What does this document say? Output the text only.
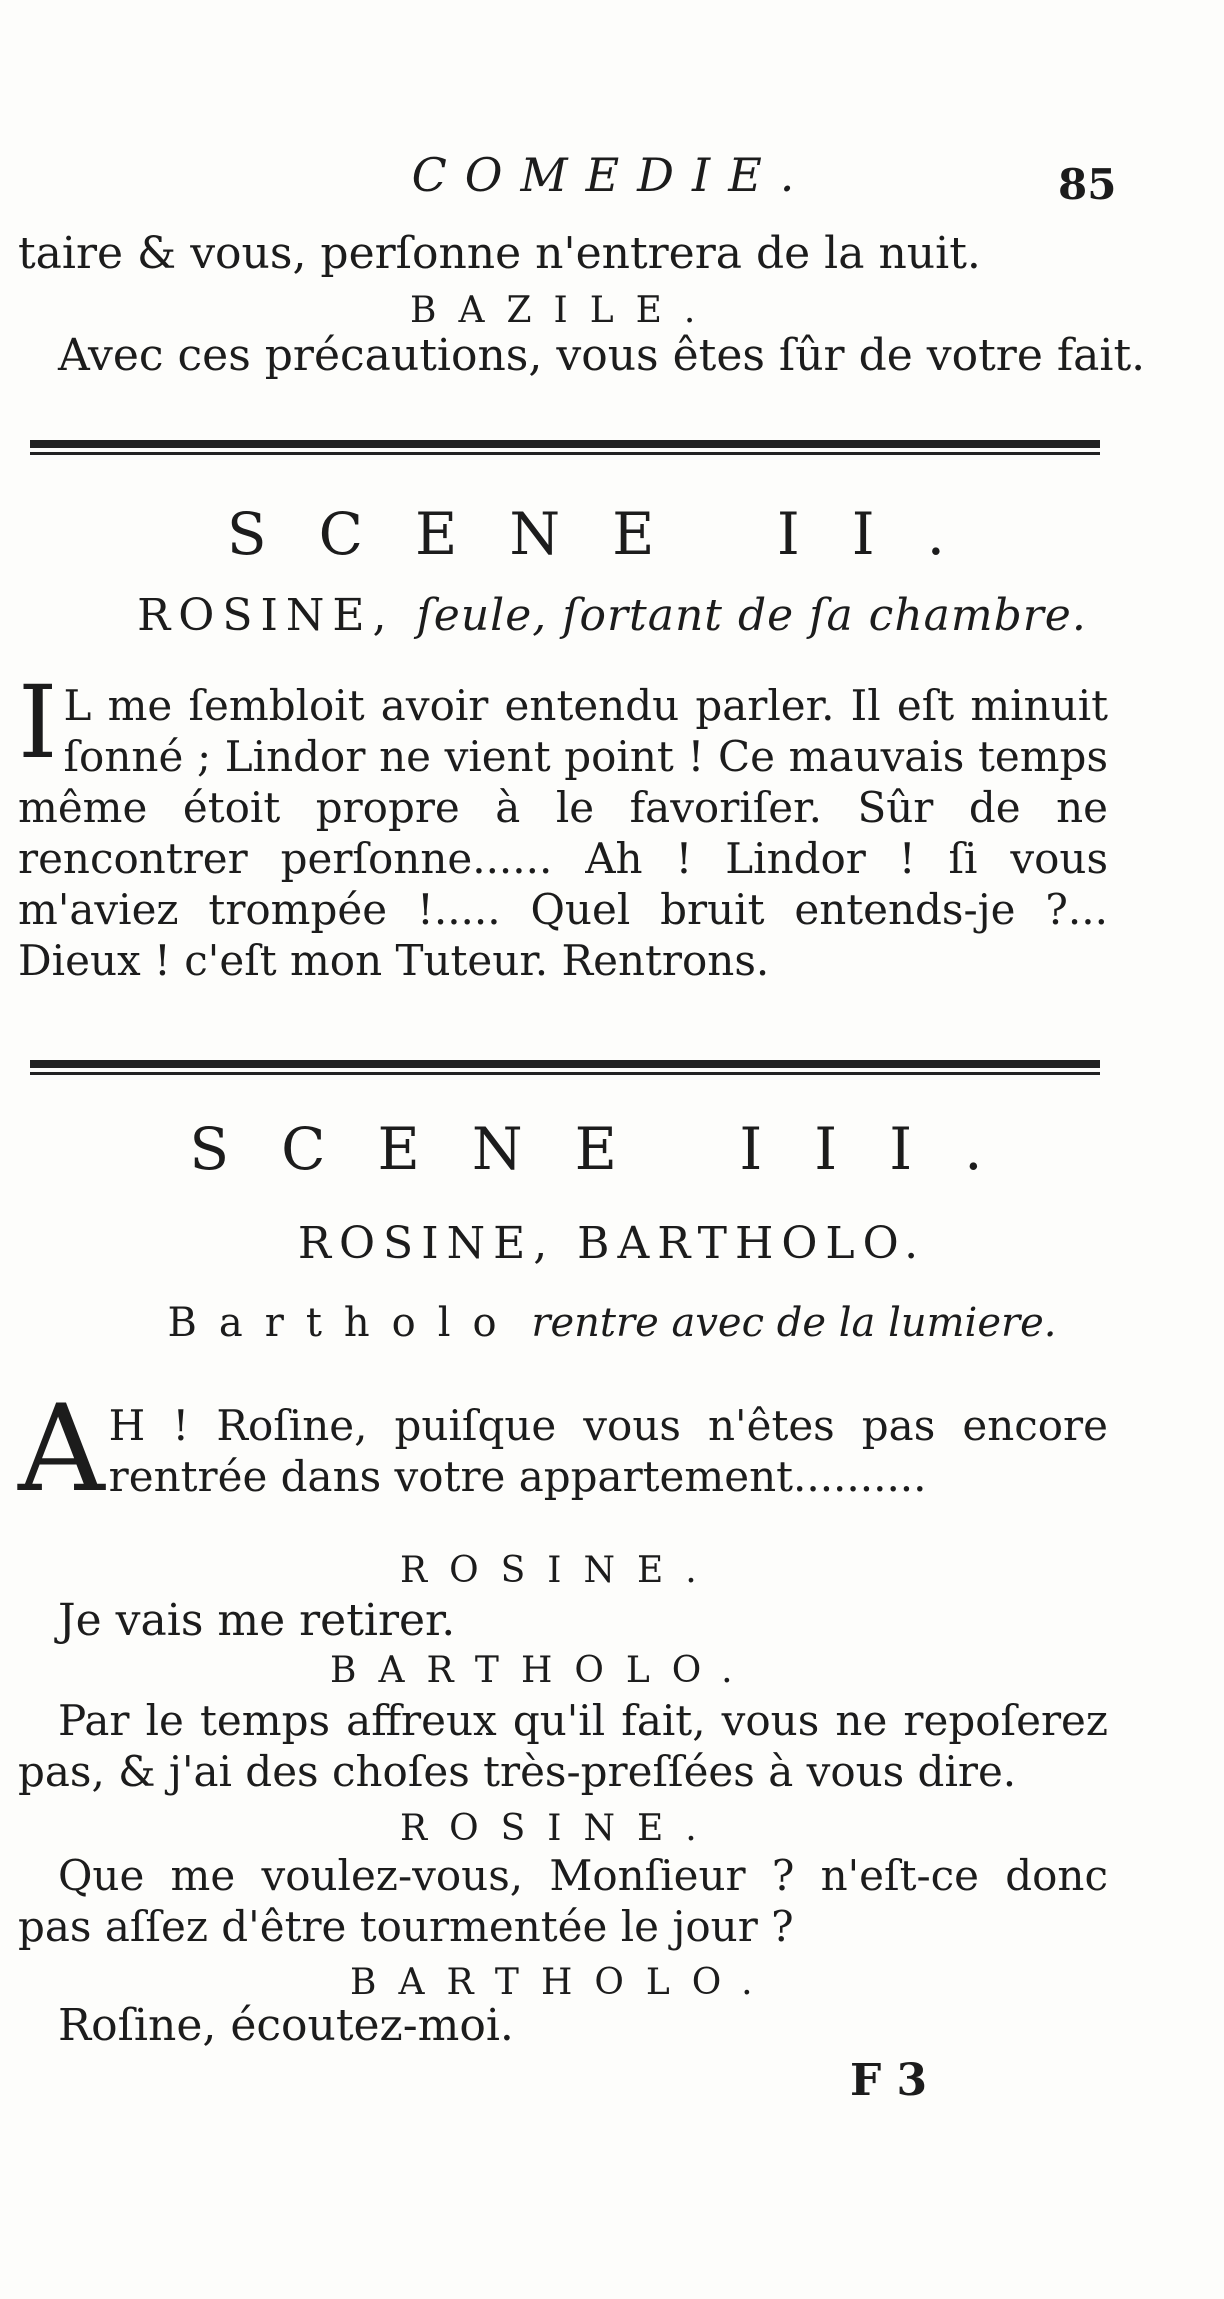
COMEDIE.	85
taire & vous, perſonne n'entrera de la nuit.
BAZILE.
Avec ces précautions, vous êtes ſûr de votre fait.
SCENE II.
ROSINE, ſeule, ſortant de ſa chambre.
I L me ſembloit avoir entendu parler. Il eſt minuit ſonné ; Lindor ne vient point ! Ce mauvais temps même étoit propre à le favoriſer. Sûr de ne rencontrer perſonne...... Ah ! Lindor ! ſi vous m'aviez trompée !..... Quel bruit entends-je ?... Dieux ! c'eſt mon Tuteur. Rentrons.
SCENE III.
ROSINE, BARTHOLO.
Bartholo rentre avec de la lumiere.
A H ! Roſine, puiſque vous n'êtes pas encore rentrée dans votre appartement..........
ROSINE.
Je vais me retirer.
BARTHOLO.
Par le temps affreux qu'il fait, vous ne repoſerez pas, & j'ai des choſes très-preſſées à vous dire.
ROSINE.
Que me voulez-vous, Monſieur ? n'eſt-ce donc pas aſſez d'être tourmentée le jour ?
BARTHOLO.
Roſine, écoutez-moi.
F 3
